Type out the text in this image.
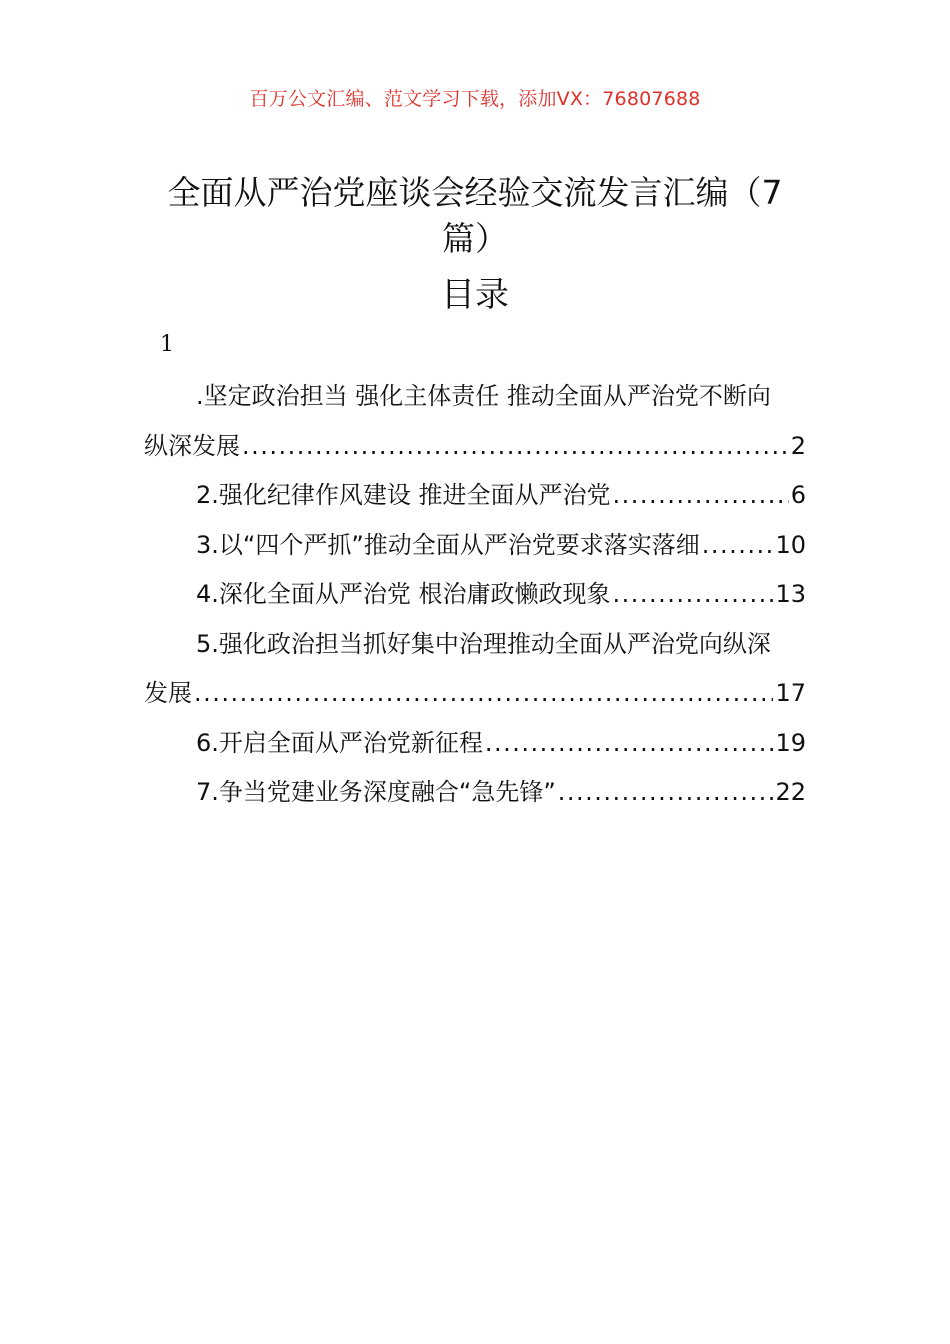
百万公文汇编、范文学习下载，添加VX：76807688
全面从严治党座谈会经验交流发言汇编（7
篇）
目录
1
.坚定政治担当 强化主体责任 推动全面从严治党不断向
纵深发展 .....	2
2.强化纪律作风建设 推进全面从严治党 .....	6
3.以“四个严抓”推动全面从严治党要求落实落细 .....	10
4.深化全面从严治党 根治庸政懒政现象 .....	13
5.强化政治担当抓好集中治理推动全面从严治党向纵深
发展 .....	17
6.开启全面从严治党新征程 .....	19
7.争当党建业务深度融合“急先锋” .....	22
